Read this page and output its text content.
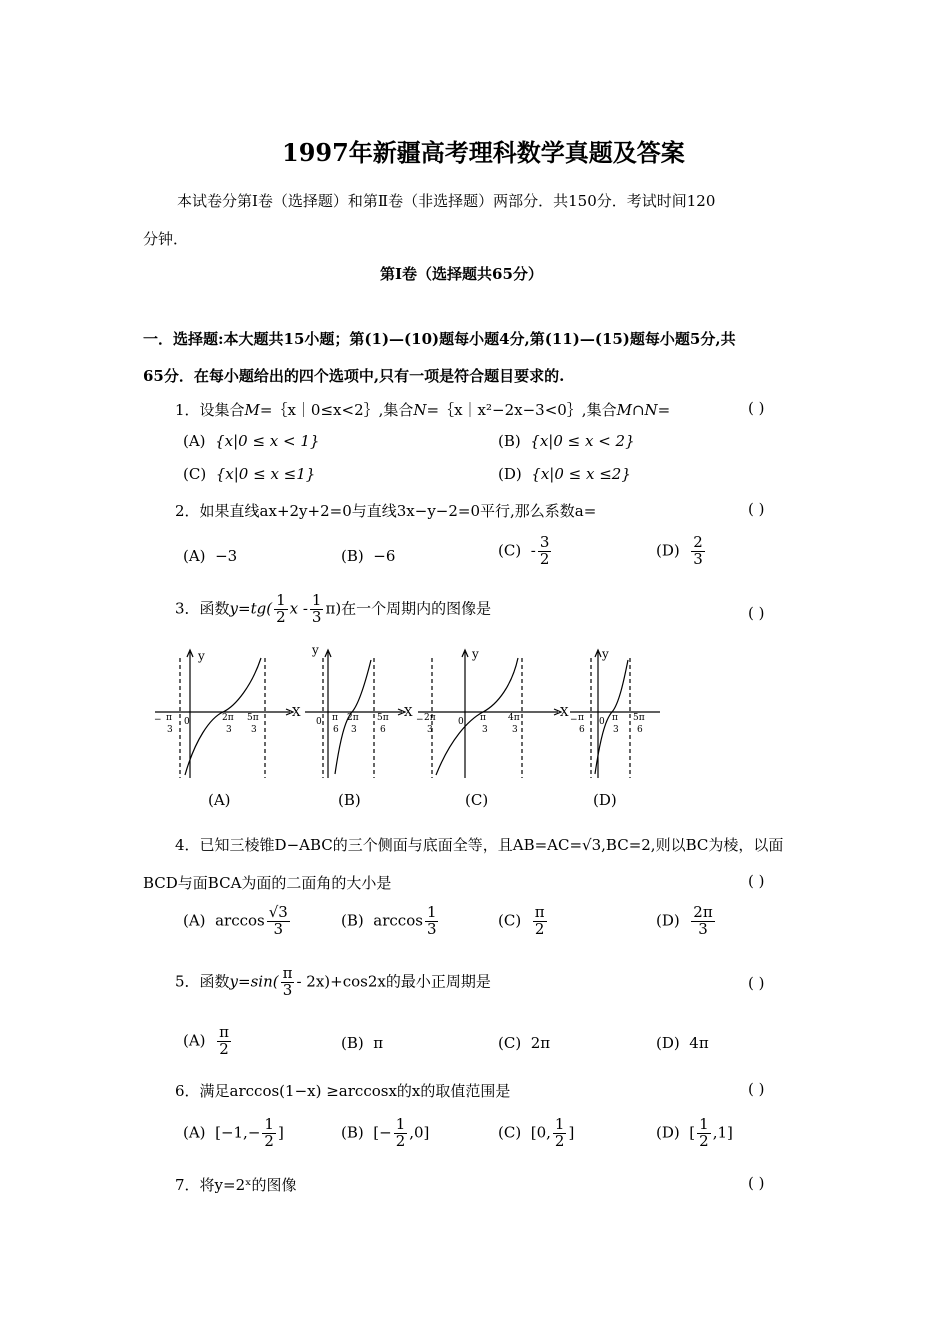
1997年新疆高考理科数学真题及答案
本试卷分第Ⅰ卷（选择题）和第Ⅱ卷（非选择题）两部分．共150分．考试时间120
分钟．
第Ⅰ卷（选择题共65分）
一．选择题:本大题共15小题；第(1)—(10)题每小题4分,第(11)—(15)题每小题5分,共
65分．在每小题给出的四个选项中,只有一项是符合题目要求的.
1．设集合M=｛x｜0≤x<2｝,集合N=｛x｜x²−2x−3<0｝,集合M∩N=	( )
(A) {x|0 ≤ x < 1}	(B) {x|0 ≤ x < 2}
(C) {x|0 ≤ x ≤1}	(D) {x|0 ≤ x ≤2}
2．如果直线ax+2y+2=0与直线3x−y−2=0平行,那么系数a=	( )
(A) −3	(B) −6	$(C) - \frac{3}{2}$	$(D) \frac{2}{3}$
3．函数$y=tg( \frac{1}{2}$ x - $\frac{1}{3} \pi$)在一个周期内的图像是	( )
X
y
X
y
X
y	y
− π
3
0	2π
3
5π
3
0 π
6
2π
3
5π
6
− 2π
3
0 π
3
4π
3
− π
6
0 π
3
5π
6
(A)	(B)	(C)	(D)
4．已知三棱锥D−ABC的三个侧面与底面全等，且AB=AC=√3,BC=2,则以BC为棱，以面
BCD与面BCA为面的二面角的大小是	( )
(A) $\arccos \frac{√3}{3}$	(B) $\arccos \frac{1}{3}$	$(C) \frac{\pi}{2}$	$(D) \frac{2\pi}{3}$
5．函数$y=\sin( \frac{\pi}{3} - 2x)+\cos 2x$的最小正周期是	( )
$(A) \frac{\pi}{2}$	(B) π	(C) 2π	(D) 4π
6．满足arccos(1−x) ≥arccosx的x的取值范围是	( )
(A) [$-1,- \frac{1}{2}$ ]	(B) [− $\frac{1}{2} ,0$]	(C) [0, $\frac{1}{2}$ ]	(D) [ $\frac{1}{2} ,1$]
7．将y=2ˣ的图像	( )
